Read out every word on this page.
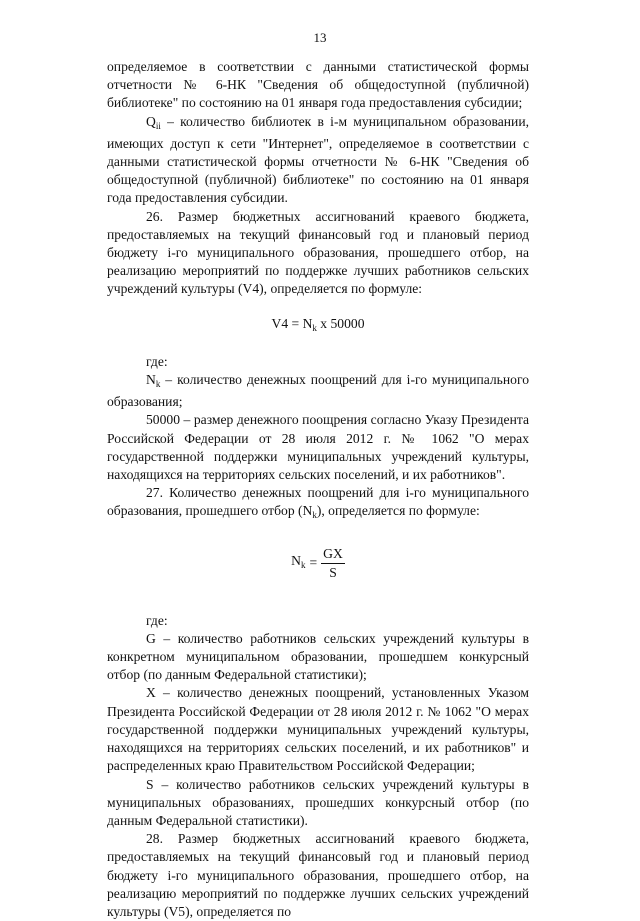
13

определяемое в соответствии с данными статистической формы отчетности № 6-НК "Сведения об общедоступной (публичной) библиотеке" по состоянию на 01 января года предоставления субсидии;

$Q_{ii}$ – количество библиотек в i-м муниципальном образовании, имеющих доступ к сети "Интернет", определяемое в соответствии с данными статистической формы отчетности № 6-НК "Сведения об общедоступной (публичной) библиотеке" по состоянию на 01 января года предоставления субсидии.

26. Размер бюджетных ассигнований краевого бюджета, предоставляемых на текущий финансовый год и плановый период бюджету i-го муниципального образования, прошедшего отбор, на реализацию мероприятий по поддержке лучших работников сельских учреждений культуры (V4), определяется по формуле:

$V4 = N_k$ x 50000

где:

$N_k$ – количество денежных поощрений для i-го муниципального образования;

50000 – размер денежного поощрения согласно Указу Президента Российской Федерации от 28 июля 2012 г. № 1062 "О мерах государственной поддержки муниципальных учреждений культуры, находящихся на территориях сельских поселений, и их работников".

27. Количество денежных поощрений для i-го муниципального образования, прошедшего отбор $(N_k)$, определяется по формуле:

$N_k = \frac{GX}{S}$

где:

G – количество работников сельских учреждений культуры в конкретном муниципальном образовании, прошедшем конкурсный отбор (по данным Федеральной статистики);

X – количество денежных поощрений, установленных Указом Президента Российской Федерации от 28 июля 2012 г. № 1062 "О мерах государственной поддержки муниципальных учреждений культуры, находящихся на территориях сельских поселений, и их работников" и распределенных краю Правительством Российской Федерации;

S – количество работников сельских учреждений культуры в муниципальных образованиях, прошедших конкурсный отбор (по данным Федеральной статистики).

28. Размер бюджетных ассигнований краевого бюджета, предоставляемых на текущий финансовый год и плановый период бюджету i-го муниципального образования, прошедшего отбор, на реализацию мероприятий по поддержке лучших сельских учреждений культуры (V5), определяется по
